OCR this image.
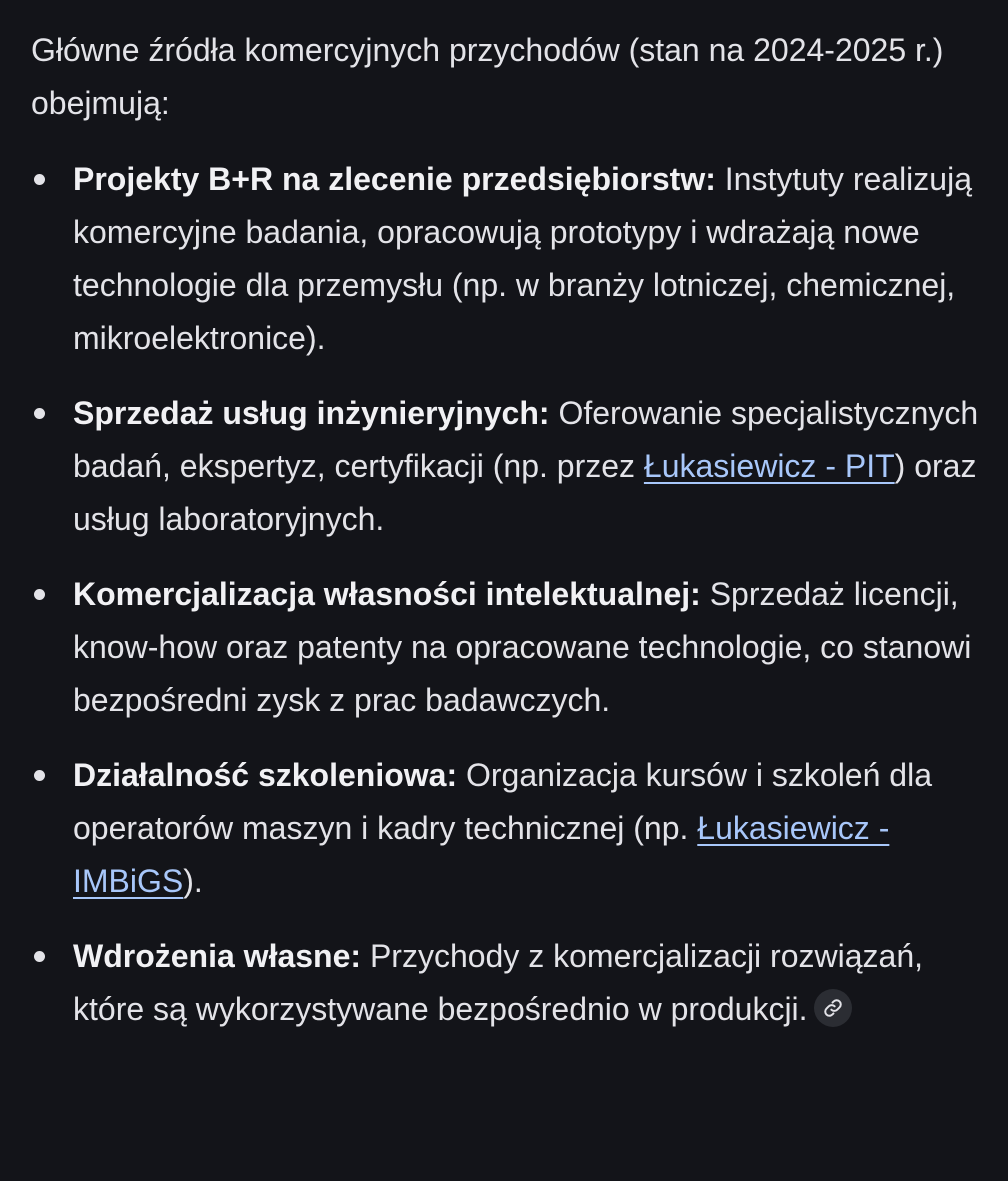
Główne źródła komercyjnych przychodów (stan na 2024-2025 r.) obejmują:

Projekty B+R na zlecenie przedsiębiorstw: Instytuty realizują komercyjne badania, opracowują prototypy i wdrażają nowe technologie dla przemysłu (np. w branży lotniczej, chemicznej, mikroelektronice).
Sprzedaż usług inżynieryjnych: Oferowanie specjalistycznych badań, ekspertyz, certyfikacji (np. przez Łukasiewicz - PIT) oraz usług laboratoryjnych.
Komercjalizacja własności intelektualnej: Sprzedaż licencji, know-how oraz patenty na opracowane technologie, co stanowi bezpośredni zysk z prac badawczych.
Działalność szkoleniowa: Organizacja kursów i szkoleń dla operatorów maszyn i kadry technicznej (np. Łukasiewicz - IMBiGS).
Wdrożenia własne: Przychody z komercjalizacji rozwiązań, które są wykorzystywane bezpośrednio w produkcji.
